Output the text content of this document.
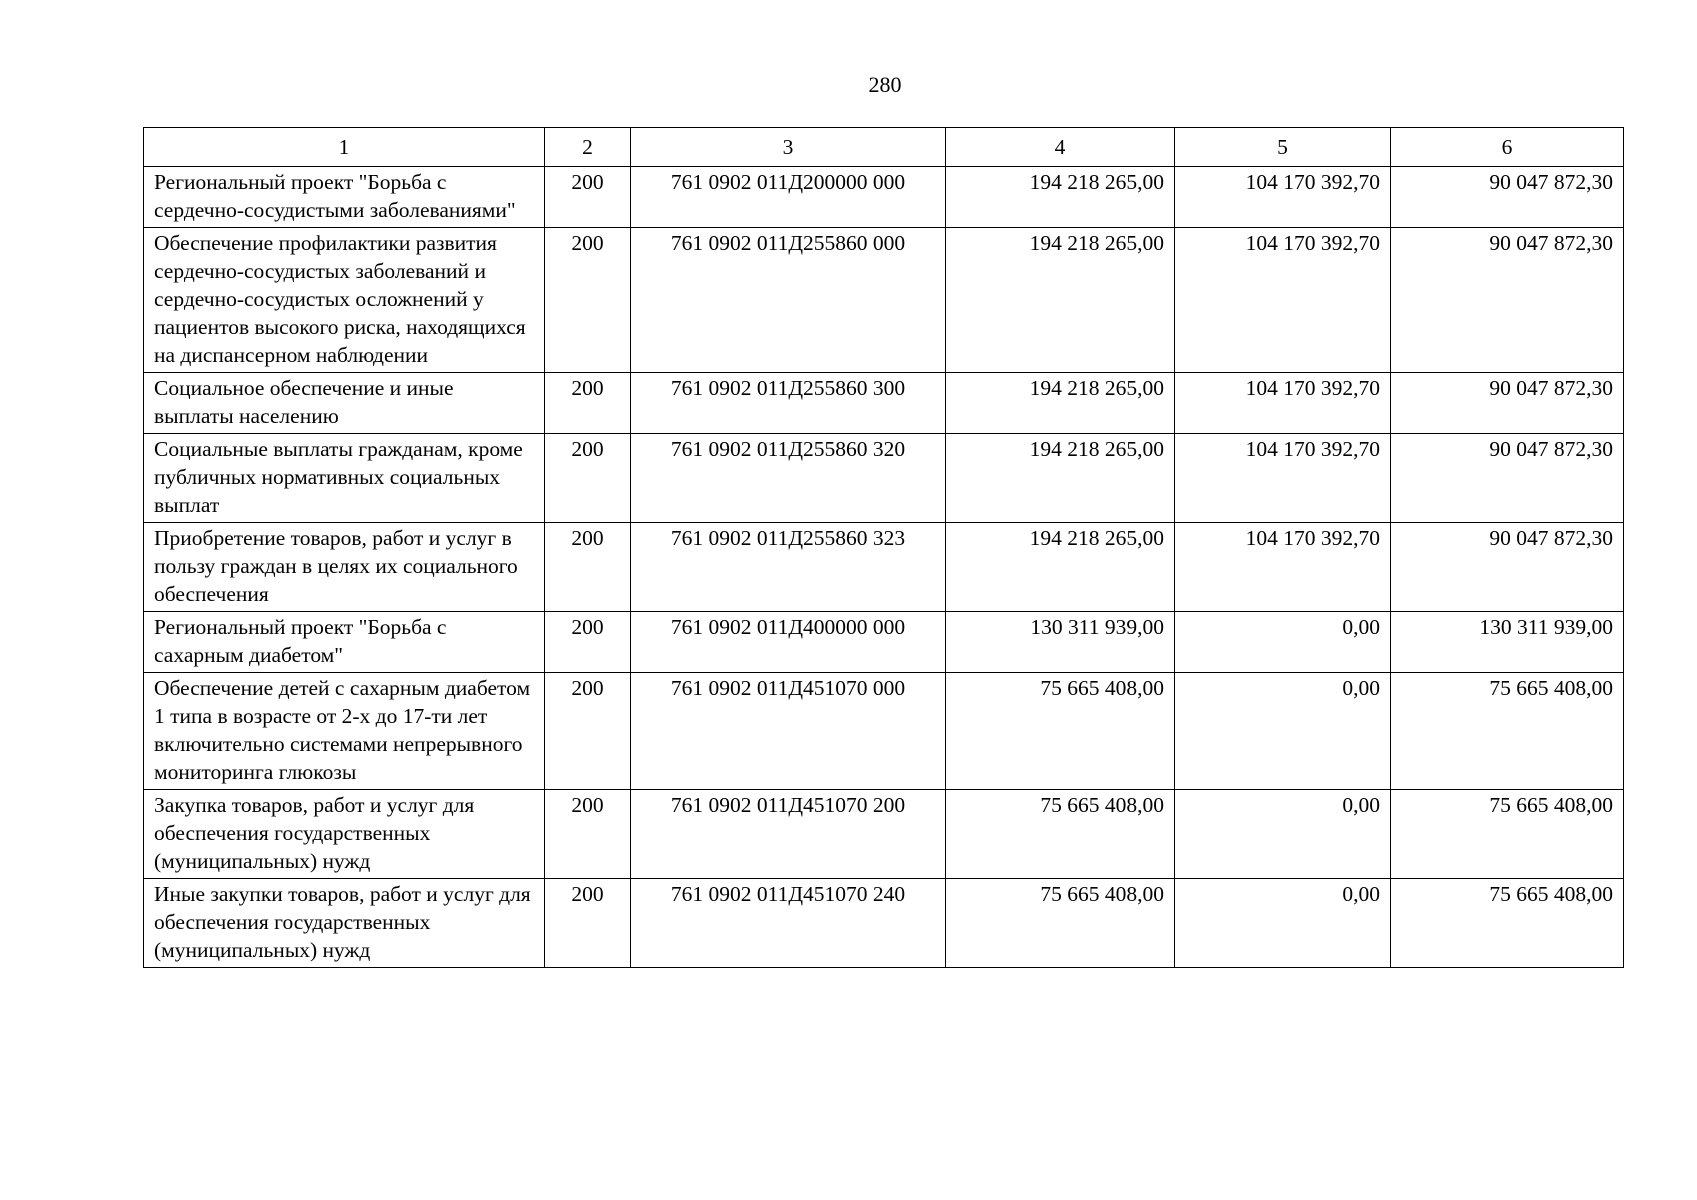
280
1	2	3	4	5	6
Региональный проект "Борьба с сердечно-сосудистыми заболеваниями"	200	761 0902 011Д200000 000	194 218 265,00	104 170 392,70	90 047 872,30
Обеспечение профилактики развития сердечно-сосудистых заболеваний и сердечно-сосудистых осложнений у пациентов высокого риска, находящихся на диспансерном наблюдении	200	761 0902 011Д255860 000	194 218 265,00	104 170 392,70	90 047 872,30
Социальное обеспечение и иные выплаты населению	200	761 0902 011Д255860 300	194 218 265,00	104 170 392,70	90 047 872,30
Социальные выплаты гражданам, кроме публичных нормативных социальных выплат	200	761 0902 011Д255860 320	194 218 265,00	104 170 392,70	90 047 872,30
Приобретение товаров, работ и услуг в пользу граждан в целях их социального обеспечения	200	761 0902 011Д255860 323	194 218 265,00	104 170 392,70	90 047 872,30
Региональный проект "Борьба с сахарным диабетом"	200	761 0902 011Д400000 000	130 311 939,00	0,00	130 311 939,00
Обеспечение детей с сахарным диабетом 1 типа в возрасте от 2-х до 17-ти лет включительно системами непрерывного мониторинга глюкозы	200	761 0902 011Д451070 000	75 665 408,00	0,00	75 665 408,00
Закупка товаров, работ и услуг для обеспечения государственных (муниципальных) нужд	200	761 0902 011Д451070 200	75 665 408,00	0,00	75 665 408,00
Иные закупки товаров, работ и услуг для обеспечения государственных (муниципальных) нужд	200	761 0902 011Д451070 240	75 665 408,00	0,00	75 665 408,00
